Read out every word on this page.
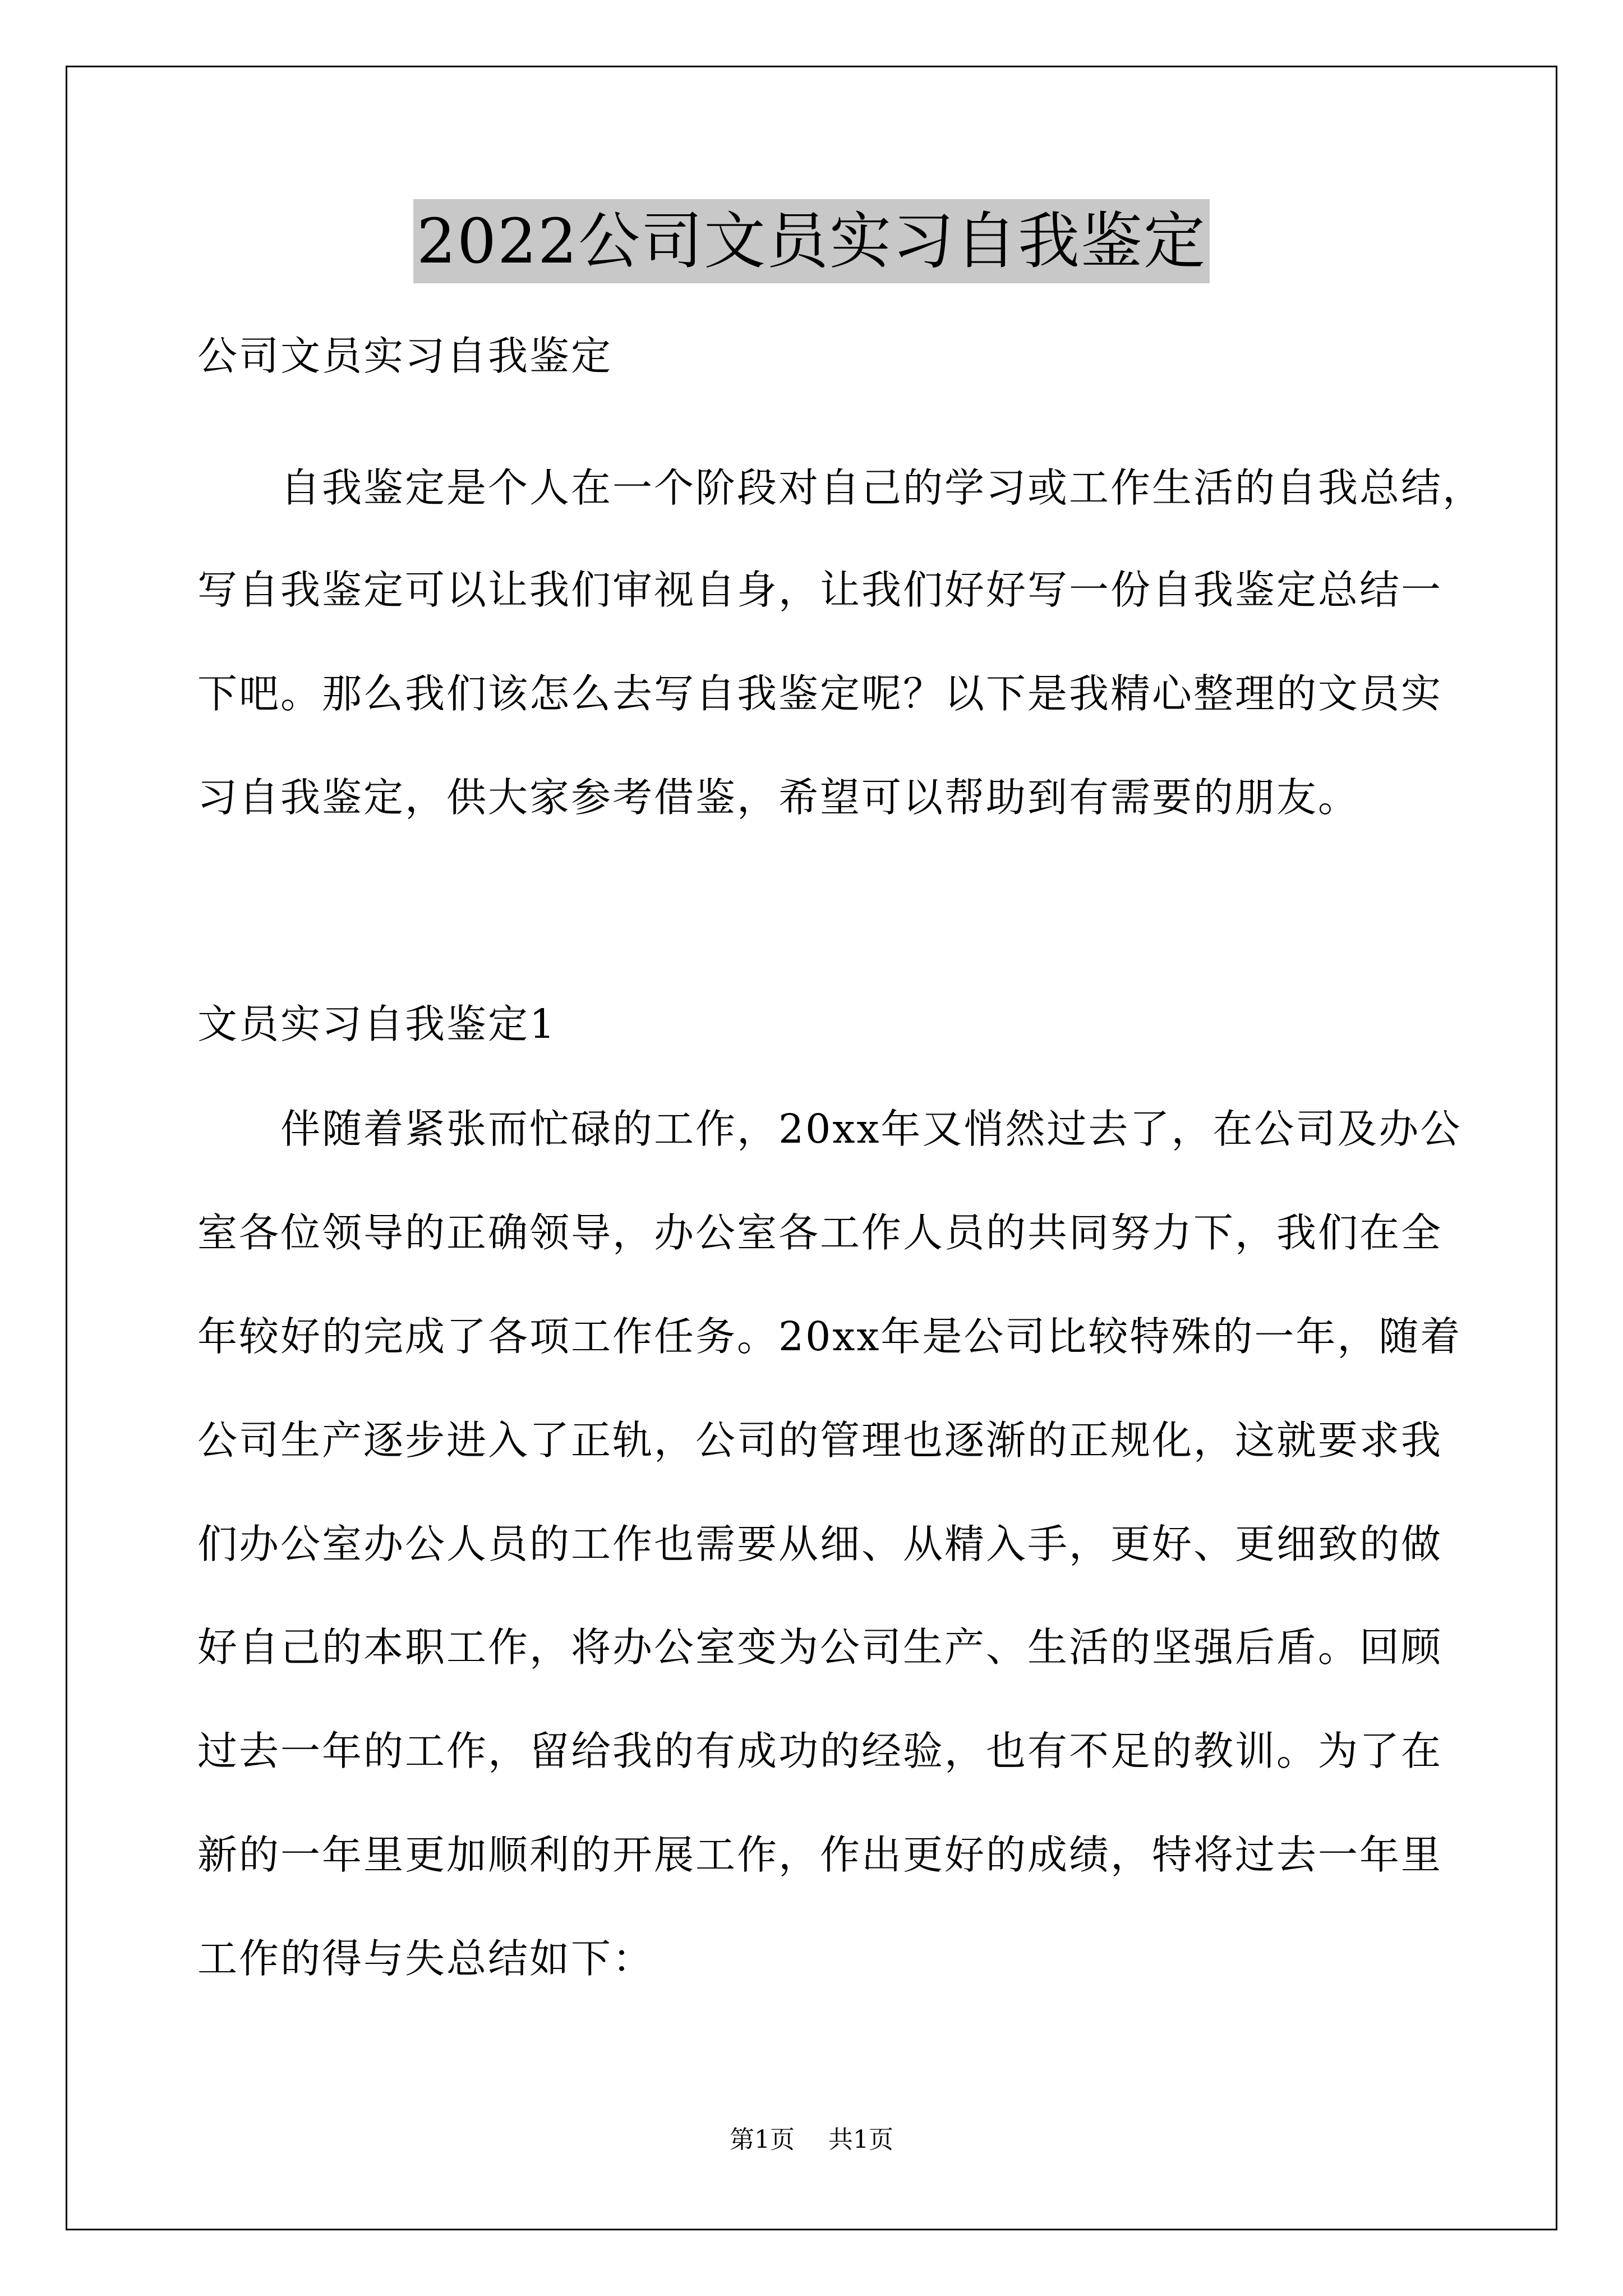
2022公司文员实习自我鉴定
公司文员实习自我鉴定
自我鉴定是个人在一个阶段对自己的学习或工作生活的自我总结，
写自我鉴定可以让我们审视自身，让我们好好写一份自我鉴定总结一
下吧。那么我们该怎么去写自我鉴定呢？以下是我精心整理的文员实
习自我鉴定，供大家参考借鉴，希望可以帮助到有需要的朋友。
文员实习自我鉴定1
伴随着紧张而忙碌的工作，20xx年又悄然过去了，在公司及办公
室各位领导的正确领导，办公室各工作人员的共同努力下，我们在全
年较好的完成了各项工作任务。20xx年是公司比较特殊的一年，随着
公司生产逐步进入了正轨，公司的管理也逐渐的正规化，这就要求我
们办公室办公人员的工作也需要从细、从精入手，更好、更细致的做
好自己的本职工作，将办公室变为公司生产、生活的坚强后盾。回顾
过去一年的工作，留给我的有成功的经验，也有不足的教训。为了在
新的一年里更加顺利的开展工作，作出更好的成绩，特将过去一年里
工作的得与失总结如下：
第1页 共1页
